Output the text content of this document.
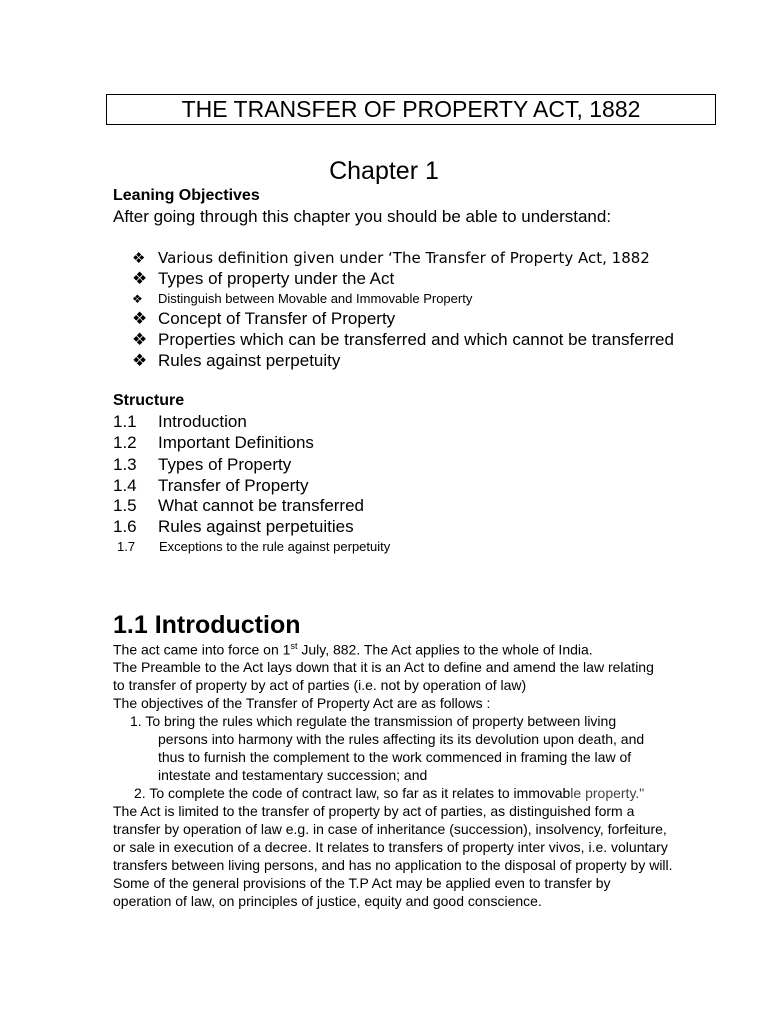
THE TRANSFER OF PROPERTY ACT, 1882
Chapter 1
Leaning Objectives
After going through this chapter you should be able to understand:
❖ Various definition given under ‘The Transfer of Property Act, 1882
❖ Types of property under the Act
❖ Distinguish between Movable and Immovable Property
❖ Concept of Transfer of Property
❖ Properties which can be transferred and which cannot be transferred
❖ Rules against perpetuity
Structure
1.1 Introduction
1.2 Important Definitions
1.3 Types of Property
1.4 Transfer of Property
1.5 What cannot be transferred
1.6 Rules against perpetuities
1.7 Exceptions to the rule against perpetuity
1.1 Introduction
The act came into force on 1st July, 882. The Act applies to the whole of India.
The Preamble to the Act lays down that it is an Act to define and amend the law relating
to transfer of property by act of parties (i.e. not by operation of law)
The objectives of the Transfer of Property Act are as follows :
1. To bring the rules which regulate the transmission of property between living
persons into harmony with the rules affecting its its devolution upon death, and
thus to furnish the complement to the work commenced in framing the law of
intestate and testamentary succession; and
2. To complete the code of contract law, so far as it relates to immovable property."
The Act is limited to the transfer of property by act of parties, as distinguished form a
transfer by operation of law e.g. in case of inheritance (succession), insolvency, forfeiture,
or sale in execution of a decree. It relates to transfers of property inter vivos, i.e. voluntary
transfers between living persons, and has no application to the disposal of property by will.
Some of the general provisions of the T.P Act may be applied even to transfer by
operation of law, on principles of justice, equity and good conscience.
